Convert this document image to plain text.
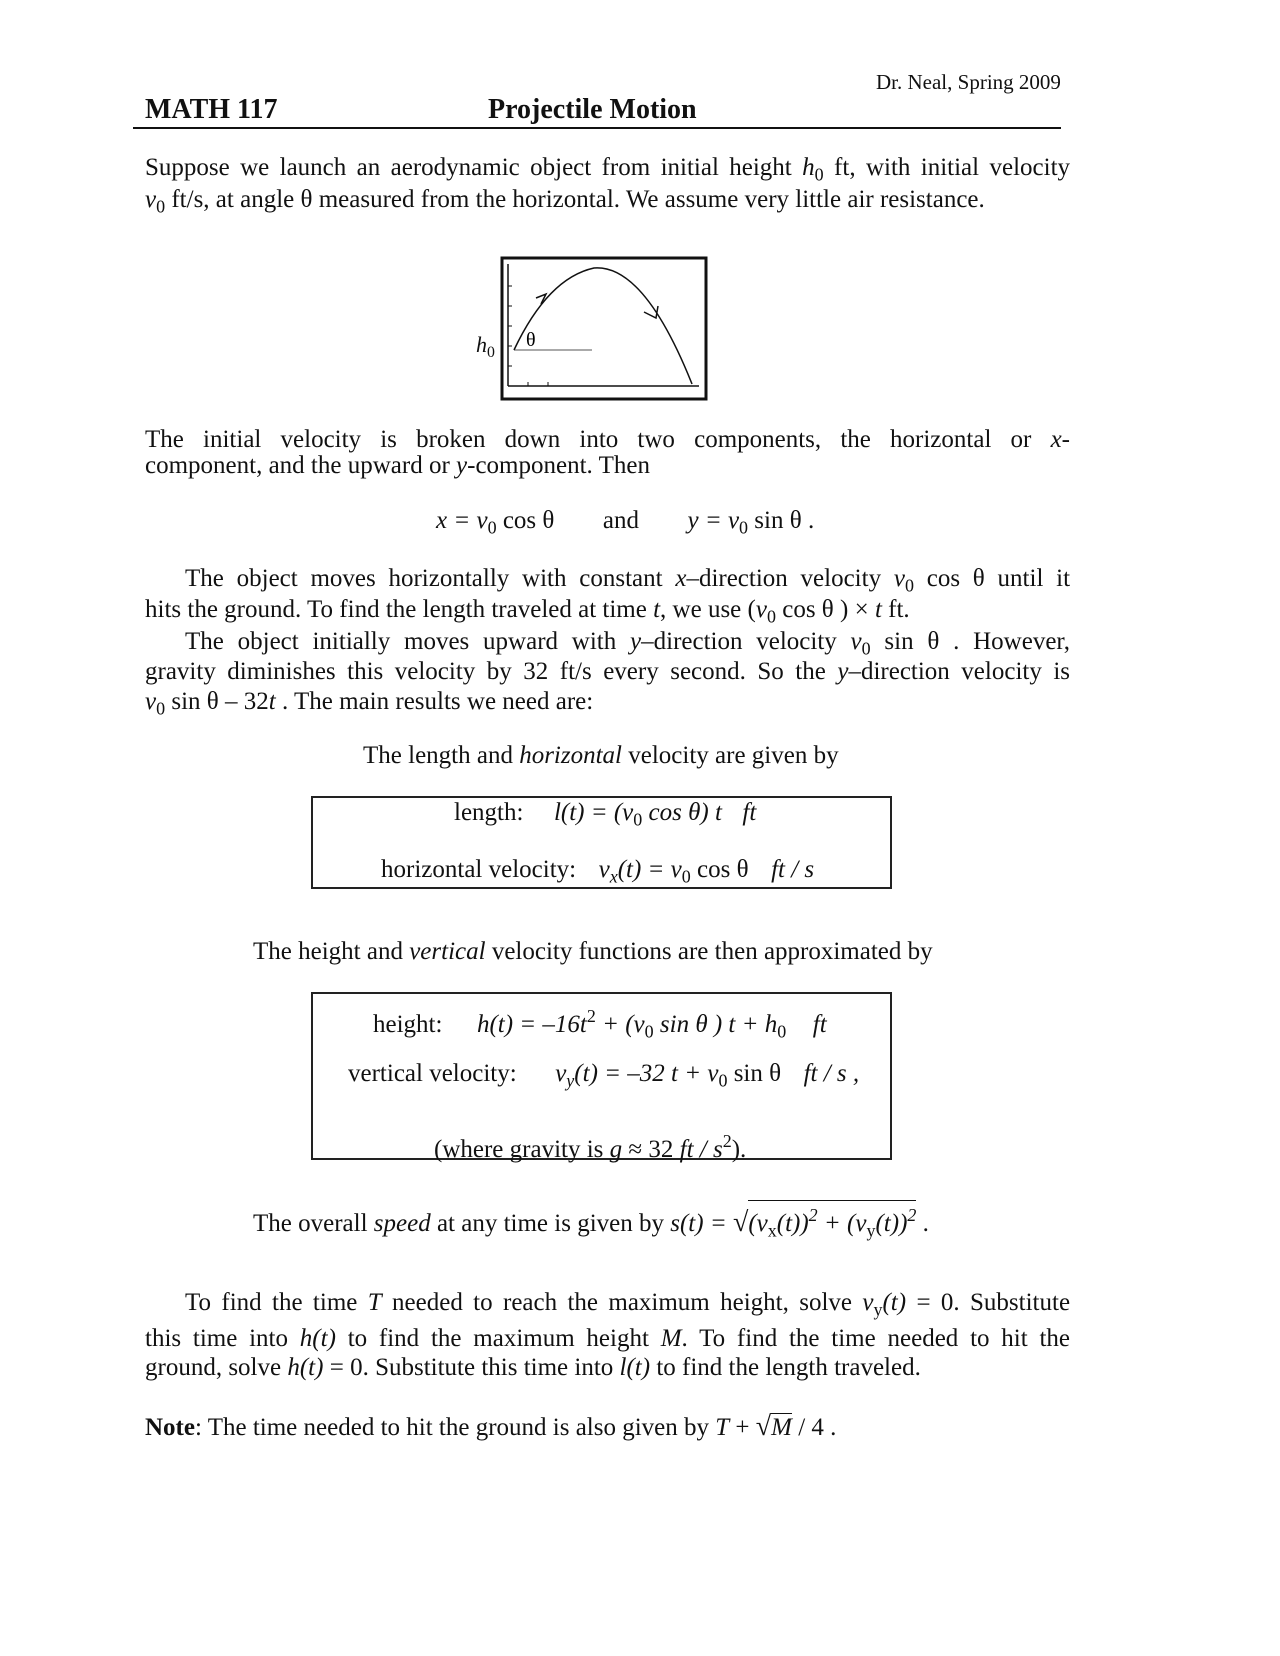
Dr. Neal, Spring 2009
MATH 117	Projectile Motion
Suppose we launch an aerodynamic object from initial height $h_0$ ft, with initial velocity
$v_0$ ft/s, at angle θ measured from the horizontal. We assume very little air resistance.
θ
$h_0$
The initial velocity is broken down into two components, the horizontal or x-
component, and the upward or y-component. Then
$x = v_0$ cos θ and $y = v_0$ sin θ .
The object moves horizontally with constant x–direction velocity $v_0$ cos θ until it
hits the ground. To find the length traveled at time t, we use ($v_0$ cos θ ) × t ft.
The object initially moves upward with y–direction velocity $v_0$ sin θ . However,
gravity diminishes this velocity by 32 ft/s every second. So the y–direction velocity is
$v_0$ sin θ – 32t . The main results we need are:
The length and horizontal velocity are given by
length: $l(t) = (v_0$ cos θ) t ft
horizontal velocity: $v_x(t) = v_0$ cos θ ft / s
The height and vertical velocity functions are then approximated by
height: $h(t) = -16t^2 + (v_0$ sin θ ) $t + h_0$ ft
vertical velocity: $v_y(t) = -32$ $t + v_0$ sin θ ft / s ,
(where gravity is g ≈ 32 ft / $s^2$).
The overall speed at any time is given by $s(t) = √(v_x(t))^2 + (v_y(t))^2$ .
To find the time T needed to reach the maximum height, solve $v_y(t) = 0$. Substitute
this time into h(t) to find the maximum height M. To find the time needed to hit the
ground, solve h(t) = 0. Substitute this time into l(t) to find the length traveled.
Note: The time needed to hit the ground is also given by T + √M / 4 .
